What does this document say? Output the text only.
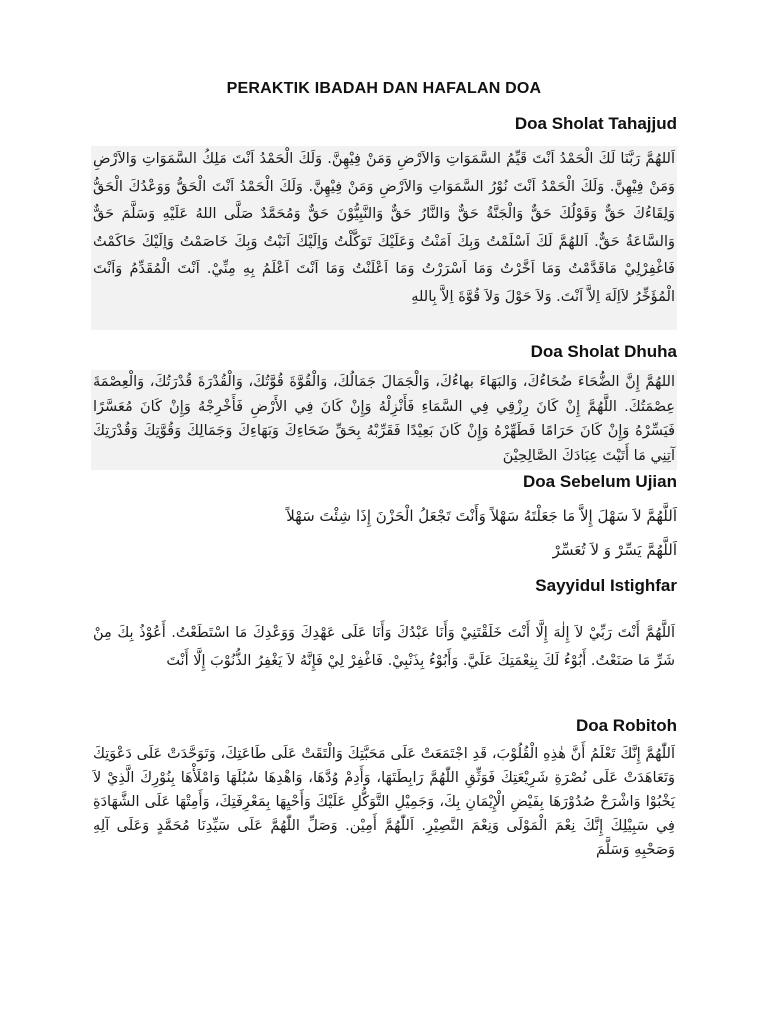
PERAKTIK IBADAH DAN HAFALAN DOA
Doa Sholat Tahajjud
اَللهُمَّ رَبَّنَا لَكَ الْحَمْدُ اَنْتَ قَيِّمُ السَّمَوَاتِ وَالاَرْضِ وَمَنْ فِيْهِنَّ. وَلَكَ الْحَمْدُ اَنْتَ مَلِكُ السَّمَوَاتِ وَالاَرْضِ وَمَنْ فِيْهِنَّ. وَلَكَ الْحَمْدُ اَنْتَ نُوْرُ السَّمَوَاتِ وَالاَرْضِ وَمَنْ فِيْهِنَّ. وَلَكَ الْحَمْدُ اَنْتَ الْحَقُّ وَوَعْدُكَ الْحَقُّ وَلِقَاءُكَ حَقٌّ وَقَوْلُكَ حَقٌّ وَالْجَنَّةُ حَقٌّ وَالنَّارُ حَقٌّ وَالنَّبِيُّوْنَ حَقٌّ وَمُحَمَّدٌ صَلَّى اللهُ عَلَيْهِ وَسَلَّمَ حَقٌّ وَالسَّاعَةُ حَقٌّ. اَللهُمَّ لَكَ اَسْلَمْتُ وَبِكَ اَمَنْتُ وَعَلَيْكَ تَوَكَّلْتُ وَاِلَيْكَ اَنَبْتُ وَبِكَ خَاصَمْتُ وَاِلَيْكَ حَاكَمْتُ فَاغْفِرْلِيْ مَاقَدَّمْتُ وَمَا اَخَّرْتُ وَمَا اَسْرَرْتُ وَمَا اَعْلَنْتُ وَمَا اَنْتَ اَعْلَمُ بِهِ مِنِّيْ. اَنْتَ الْمُقَدِّمُ وَاَنْتَ الْمُؤَخِّرُ لاَاِلَهَ اِلاَّ اَنْتَ. وَلاَ حَوْلَ وَلاَ قُوَّةَ اِلاَّ بِاللهِ
Doa Sholat Dhuha
اللهُمَّ إِنَّ الضُّحَاءَ ضُحَاءُكَ، وَالبَهَاءَ بهاءُكَ، وَالْجَمَالَ جَمَالُكَ، وَالْقُوَّةَ قُوَّتُكَ، وَالْقُدْرَةَ قُدْرَتُكَ، وَالْعِصْمَةَ عِصْمَتُكَ. اللَّهُمَّ إِنْ كَانَ رِزْقِي فِي السَّمَاءِ فَأَنْزِلْهُ وَإِنْ كَانَ فِي الأَرْضِ فَأَخْرِجْهُ وَإِنْ كَانَ مُعَسَّرًا فَيَسِّرْهُ وَإِنْ كَانَ حَرَامًا فَطَهِّرْهُ وَإِنْ كَانَ بَعِيْدًا فَقَرِّبْهُ بِحَقِّ ضَحَاءِكَ وَبَهَاءِكَ وَجَمَالِكَ وَقُوَّتِكَ وَقُدْرَتِكَ آتِنِي مَا أَتَيْتَ عِبَادَكَ الصَّالِحِيْنَ
Doa Sebelum Ujian
اَللَّهُمَّ لاَ سَهْلَ إِلاَّ مَا جَعَلْتَهُ سَهْلاً وَأَنْتَ تَجْعَلُ الْحَزْنَ إِذَا شِئْتَ سَهْلاً
اَللَّهُمَّ يَسِّرْ وَ لاَ تُعَسِّرْ
Sayyidul Istighfar
اَللَّهُمَّ أَنْتَ رَبِّيْ لاَ إِلٰهَ إِلَّا أَنْتَ خَلَقْتَنِيْ وَأَنَا عَبْدُكَ وَأَنَا عَلَى عَهْدِكَ وَوَعْدِكَ مَا اسْتَطَعْتُ. أَعُوْذُ بِكَ مِنْ شَرِّ مَا صَنَعْتُ. أَبُوْءُ لَكَ بِنِعْمَتِكَ عَلَيَّ. وَأَبُوْءُ بِذَنْبِيْ. فَاغْفِرْ لِيْ فَإِنَّهُ لاَ يَغْفِرُ الذُّنُوْبَ إِلَّا أَنْتَ
Doa Robitoh
اَللّٰهُمَّ إِنَّكَ تَعْلَمُ أَنَّ هٰذِهِ الْقُلُوْبَ، قَدِ اجْتَمَعَتْ عَلَى مَحَبَّتِكَ وَالْتَقَتْ عَلَى طَاعَتِكَ، وَتَوَحَّدَتْ عَلَى دَعْوَتِكَ وَتَعَاهَدَتْ عَلَى نُصْرَةِ شَرِيْعَتِكَ فَوَثِّقِ اللّٰهُمَّ رَابِطَتَهَا، وَأَدِمْ وُدَّهَا، وَاهْدِهَا سُبُلَهَا وَامْلَأْهَا بِنُوْرِكَ الَّذِيْ لاَ يَخْبُوْا وَاشْرَحْ صُدُوْرَهَا بِفَيْضِ الْإِيْمَانِ بِكَ، وَجَمِيْلِ التَّوَكُّلِ عَلَيْكَ وَأَحْيِهَا بِمَعْرِفَتِكَ، وَأَمِتْهَا عَلَى الشَّهَادَةِ فِي سَبِيْلِكَ إِنَّكَ نِعْمَ الْمَوْلَى وَنِعْمَ النَّصِيْرِ. اَللّٰهُمَّ أَمِيْن. وَصَلِّ اللّٰهُمَّ عَلَى سَيِّدِنَا مُحَمَّدٍ وَعَلَى آلِهِ وَصَحْبِهِ وَسَلَّمَ
